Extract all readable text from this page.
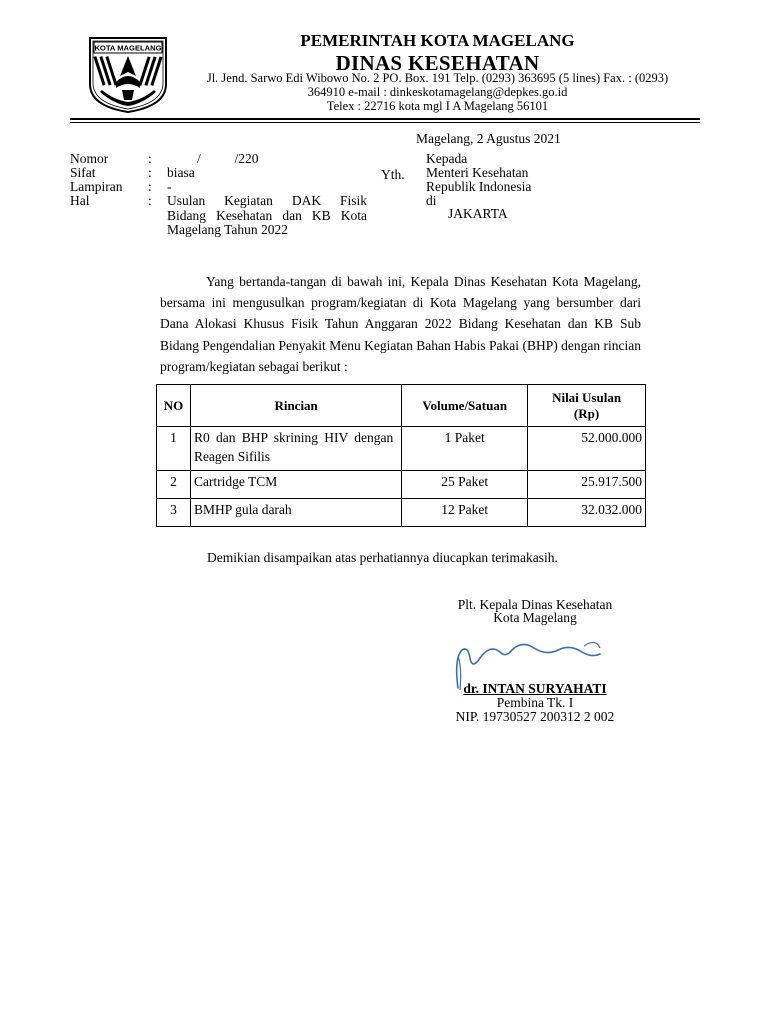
KOTA MAGELANG	PEMERINTAH KOTA MAGELANG
DINAS KESEHATAN
Jl. Jend. Sarwo Edi Wibowo No. 2 PO. Box. 191 Telp. (0293) 363695 (5 lines) Fax. : (0293)
364910 e-mail : dinkeskotamagelang@depkes.go.id
Telex : 22716 kota mgl I A Magelang 56101
Magelang, 2 Agustus 2021
Nomor	:	/          /220
Sifat	: biasa
Lampiran : -
Hal	: Usulan Kegiatan DAK Fisik
Bidang Kesehatan dan KB Kota
Magelang Tahun 2022
Yth.
Kepada
Menteri Kesehatan
Republik Indonesia
di
JAKARTA
Yang bertanda-tangan di bawah ini, Kepala Dinas Kesehatan Kota Magelang, bersama ini mengusulkan program/kegiatan di Kota Magelang yang bersumber dari Dana Alokasi Khusus Fisik Tahun Anggaran 2022 Bidang Kesehatan dan KB Sub Bidang Pengendalian Penyakit Menu Kegiatan Bahan Habis Pakai (BHP) dengan rincian program/kegiatan sebagai berikut :
NO	Rincian	Volume/Satuan	Nilai Usulan (Rp)
1	R0 dan BHP skrining HIV dengan Reagen Sifilis	1 Paket	52.000.000
2	Cartridge TCM	25 Paket	25.917.500
3	BMHP gula darah	12 Paket	32.032.000
Demikian disampaikan atas perhatiannya diucapkan terimakasih.
Plt. Kepala Dinas Kesehatan
Kota Magelang
dr. INTAN SURYAHATI
Pembina Tk. I
NIP. 19730527 200312 2 002
